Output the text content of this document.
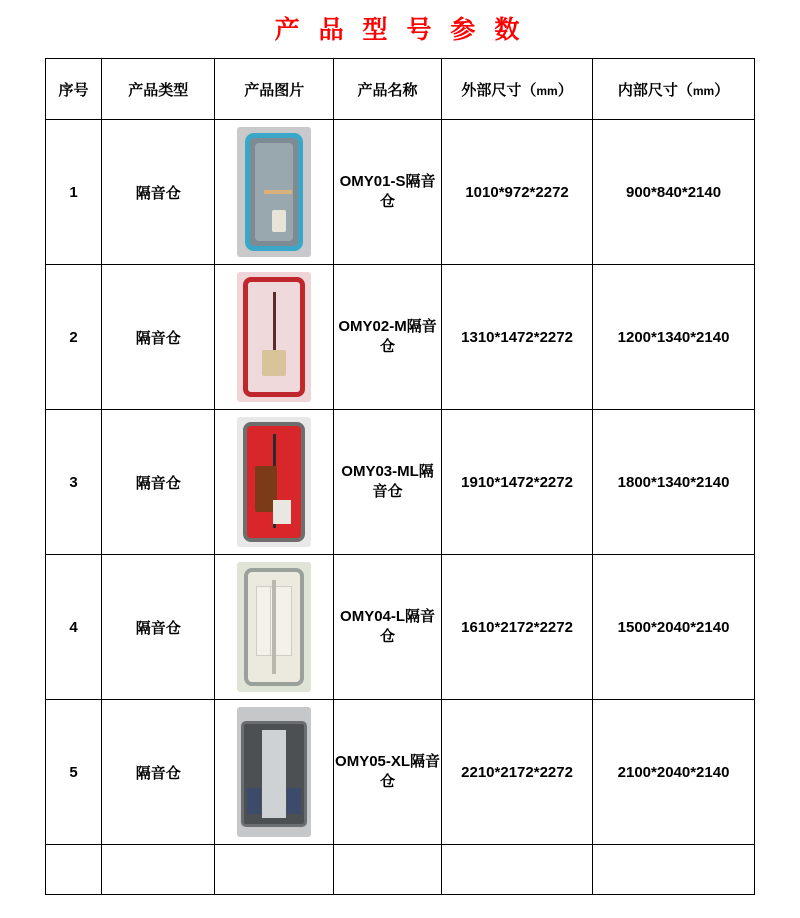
产 品 型 号 参 数
序号	产品类型	产品图片	产品名称	外部尺寸（mm）	内部尺寸（mm）
1	隔音仓		OMY01-S隔音仓	1010*972*2272	900*840*2140
2	隔音仓		OMY02-M隔音仓	1310*1472*2272	1200*1340*2140
3	隔音仓		OMY03-ML隔音仓	1910*1472*2272	1800*1340*2140
4	隔音仓		OMY04-L隔音仓	1610*2172*2272	1500*2040*2140
5	隔音仓		OMY05-XL隔音仓	2210*2172*2272	2100*2040*2140
